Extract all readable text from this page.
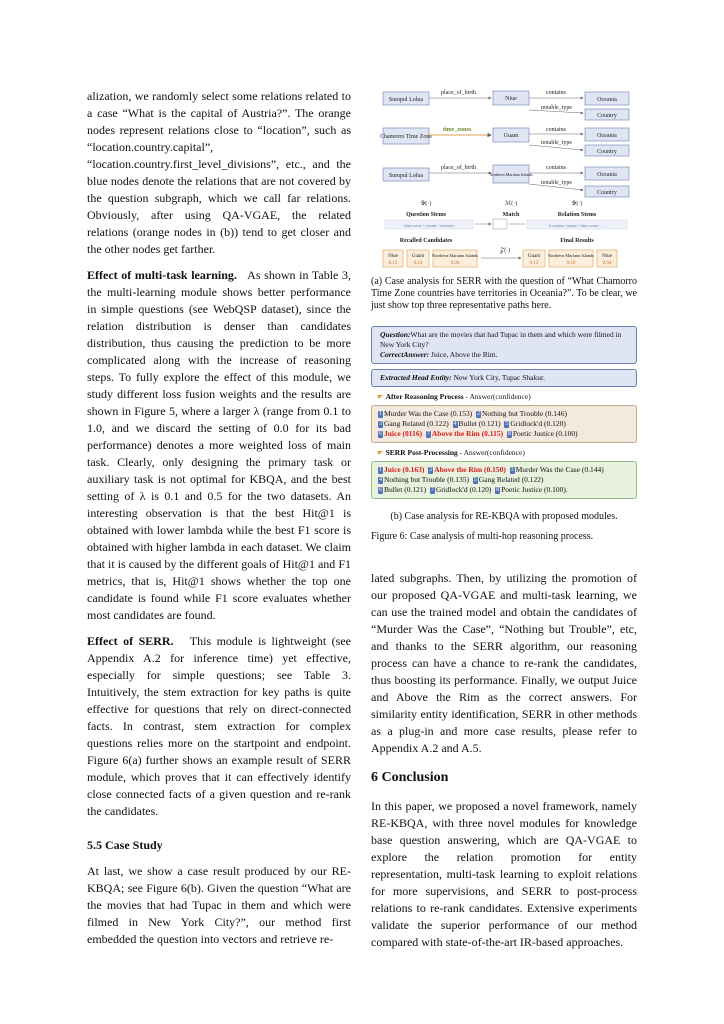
alization, we randomly select some relations related to a case “What is the capital of Austria?”. The orange nodes represent relations close to “location”, such as “location.country.capital”, “location.country.first_level_divisions”, etc., and the blue nodes denote the relations that are not covered by the question subgraph, which we call far relations. Obviously, after using QA-VGAE, the related relations (orange nodes in (b)) tend to get closer and the other nodes get farther.

Effect of multi-task learning. As shown in Table 3, the multi-learning module shows better performance in simple questions (see WebQSP dataset), since the relation distribution is denser than candidates distribution, thus causing the prediction to be more complicated along with the increase of reasoning steps. To fully explore the effect of this module, we study different loss fusion weights and the results are shown in Figure 5, where a larger λ (range from 0.1 to 1.0, and we discard the setting of 0.0 for its bad performance) denotes a more weighted loss of main task. Clearly, only designing the primary task or auxiliary task is not optimal for KBQA, and the best setting of λ is 0.1 and 0.5 for the two datasets. An interesting observation is that the best Hit@1 is obtained with lower lambda while the best F1 score is obtained with higher lambda in each dataset. We claim that it is caused by the different goals of Hit@1 and F1 metrics, that is, Hit@1 shows whether the top one candidate is found while F1 score evaluates whether most candidates are found.

Effect of SERR. This module is lightweight (see Appendix A.2 for inference time) yet effective, especially for simple questions; see Table 3. Intuitively, the stem extraction for key paths is quite effective for questions that rely on direct-connected facts. In contrast, stem extraction for complex questions relies more on the startpoint and endpoint. Figure 6(a) further shows an example result of SERR module, which proves that it can effectively identify close connected facts of a given question and re-rank the candidates.

5.5 Case Study

At last, we show a case result produced by our RE-KBQA; see Figure 6(b). Given the question “What are the movies that had Tupac in them and which were filmed in New York City?”, our method first embedded the question into vectors and retrieve re-

Sumpul Lolua
place_of_birth
Niue
contains
Oceania
notable_type
Country
Chamorro Time Zone
time_zones
Guam
contains
Oceania
notable_type
Country
Sumpul Lolua
place_of_birth
Northern Mariana Islands
contains
Oceania
notable_type
Country
𝒴(·)	ℳ(·)	𝒴(·)
Question Stems	Match	Relation Stems
time zone / countr / territori	location / name / time zone / ...
Recalled Candidates	Final Results
𝒵(·)
Niue
0.12
Guam
0.10
Northern Mariana Islands
0.04
Guam
0.12
Northern Mariana Islands
0.10
Niue
0.04
(a) Case analysis for SERR with the question of “What Chamorro Time Zone countries have territories in Oceania?”. To be clear, we just show top three representative paths here.
Question:What are the movies that had Tupac in them and which were filmed in New York City?
CorrectAnswer: Juice, Above the Rim.
Extracted Head Entity: New York City, Tupac Shakur.
☛ After Reasoning Process - Answer(confidence)
1 Murder Was the Case (0.153) 2 Nothing but Trouble (0.146)
3 Gang Related (0.122) 4 Bullet (0.121) 5 Gridlock'd (0.120)
6 Juice (0116) 7 Above the Rim (0.115) 8 Poetic Justice (0.100)
☛ SERR Post-Processing - Answer(confidence)
1 Juice (0.163) 2 Above the Rim (0.150) 3 Murder Was the Case (0.144)
4 Nothing but Trouble (0.135) 5 Gang Related (0.122)
6 Bullet (0.121) 7 Gridlock'd (0.120) 8 Poetic Justice (0.100).
(b) Case analysis for RE-KBQA with proposed modules.
Figure 6: Case analysis of multi-hop reasoning process.

lated subgraphs. Then, by utilizing the promotion of our proposed QA-VGAE and multi-task learning, we can use the trained model and obtain the candidates of “Murder Was the Case”, “Nothing but Trouble”, etc, and thanks to the SERR algorithm, our reasoning process can have a chance to re-rank the candidates, thus boosting its performance. Finally, we output Juice and Above the Rim as the correct answers. For similarity entity identification, SERR in other methods as a plug-in and more case results, please refer to Appendix A.2 and A.5.

6 Conclusion

In this paper, we proposed a novel framework, namely RE-KBQA, with three novel modules for knowledge base question answering, which are QA-VGAE to explore the relation promotion for entity representation, multi-task learning to exploit relations for more supervisions, and SERR to post-process relations to re-rank candidates. Extensive experiments validate the superior performance of our method compared with state-of-the-art IR-based approaches.
